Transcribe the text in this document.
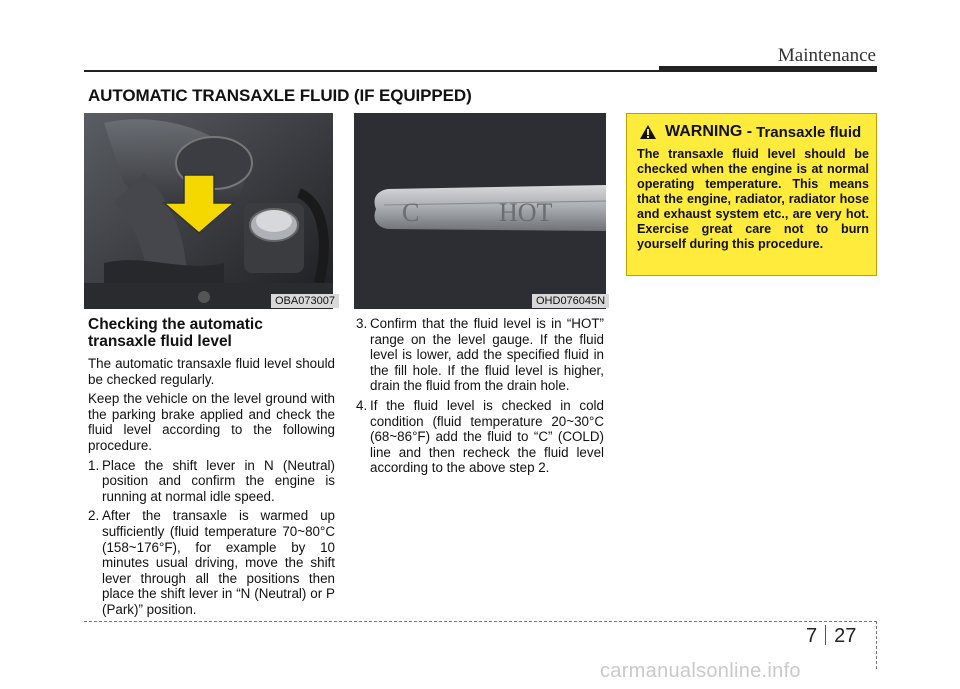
Maintenance
AUTOMATIC TRANSAXLE FLUID (IF EQUIPPED)
OBA073007
C	HOT
OHD076045N

Checking the automatic transaxle fluid level

The automatic transaxle fluid level should be checked regularly.

Keep the vehicle on the level ground with the parking brake applied and check the fluid level according to the following procedure.

1. Place the shift lever in N (Neutral) position and confirm the engine is running at normal idle speed.
2. After the transaxle is warmed up sufficiently (fluid temperature 70~80°C (158~176°F), for example by 10 minutes usual driving, move the shift lever through all the positions then place the shift lever in “N (Neutral) or P (Park)” position.
3. Confirm that the fluid level is in “HOT” range on the level gauge. If the fluid level is lower, add the specified fluid in the fill hole. If the fluid level is higher, drain the fluid from the drain hole.
4. If the fluid level is checked in cold condition (fluid temperature 20~30°C (68~86°F) add the fluid to “C” (COLD) line and then recheck the fluid level according to the above step 2.
WARNING - Transaxle fluid
The transaxle fluid level should be checked when the engine is at normal operating temperature. This means that the engine, radiator, radiator hose and exhaust system etc., are very hot. Exercise great care not to burn yourself during this procedure.
7 27
carmanualsonline.info
